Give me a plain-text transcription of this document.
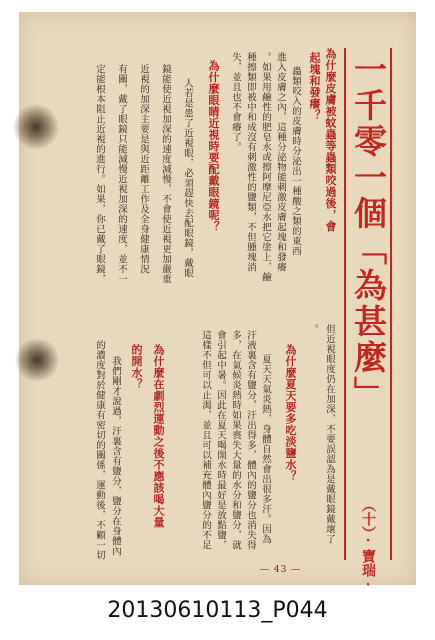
一千零一個「為甚麼」
（十）·寶瑞·
為什麼皮膚被蚊蟲等蟲類咬過後，會
起塊和發癢？
蟲類咬入的皮膚時分泌出一種酸之類的東西
進入皮膚之內，這種分泌物能刺激皮膚起塊和發癢
。如果用鹼性的肥皂水或擦阿摩尼亞水把它塗上，鹼
種擦類即被中和成沒有刺激性的鹽類，不但腫塊消
失，並且也不會癢了。
為什麼眼睛近視時要配戴眼鏡呢？
人若是患了近視眼，必須趕快去配眼鏡，戴眼
鏡能使近視加深的速度減慢，不會使近視更加嚴重
近視的加深主要是與近距離工作及全身健康情況
有關，戴了眼鏡只能減慢近視加深的速度，並不一
定能根本阻止近視的進行。如果，你已戴了眼鏡，
但近視眼度仍在加深，不要誤認為是戴眼鏡戴壞了
。
為什麼夏天要多吃淡鹽水？
夏天天氣炎熱，身體自然會出很多汗。因為
汗液裏含有鹽分，汗出得多，體內的鹽分也消失得
多，在氣候炎熱時如果喪失大量的水分和鹽分，就
會引起中暑。因此在夏天喝開水時最好是放點鹽，
這樣不但可以止渴，並且可以補充體內鹽分的不足
為什麼在劇烈運動之後不應該喝大量
的開水？
我們剛才說過，汗裏含有鹽分，鹽分在身體內
的濃度對於健康有密切的關係，運動後，不顧一切
— 43 —
20130610113_P044
